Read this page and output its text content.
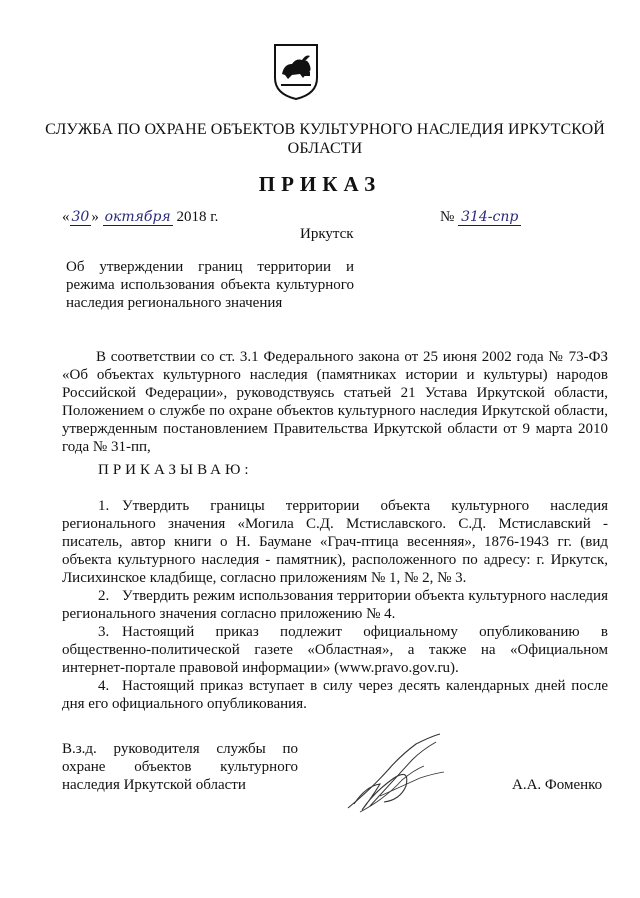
СЛУЖБА ПО ОХРАНЕ ОБЪЕКТОВ КУЛЬТУРНОГО НАСЛЕДИЯ ИРКУТСКОЙ ОБЛАСТИ
ПРИКАЗ
« 30 » октября 2018 г.	№ 314-спр
Иркутск
Об утверждении границ территории и режима использования объекта культурного наследия регионального значения
В соответствии со ст. 3.1 Федерального закона от 25 июня 2002 года № 73-ФЗ «Об объектах культурного наследия (памятниках истории и культуры) народов Российской Федерации», руководствуясь статьей 21 Устава Иркутской области, Положением о службе по охране объектов культурного наследия Иркутской области, утвержденным постановлением Правительства Иркутской области от 9 марта 2010 года № 31-пп,
ПРИКАЗЫВАЮ:

1. Утвердить границы территории объекта культурного наследия регионального значения «Могила С.Д. Мстиславского. С.Д. Мстиславский - писатель, автор книги о Н. Баумане «Грач-птица весенняя», 1876-1943 гг. (вид объекта культурного наследия - памятник), расположенного по адресу: г. Иркутск, Лисихинское кладбище, согласно приложениям № 1, № 2, № 3.

2. Утвердить режим использования территории объекта культурного наследия регионального значения согласно приложению № 4.

3. Настоящий приказ подлежит официальному опубликованию в общественно-политической газете «Областная», а также на «Официальном интернет-портале правовой информации» (www.pravo.gov.ru).

4. Настоящий приказ вступает в силу через десять календарных дней после дня его официального опубликования.

В.з.д. руководителя службы по охране объектов культурного наследия Иркутской области	А.А. Фоменко
